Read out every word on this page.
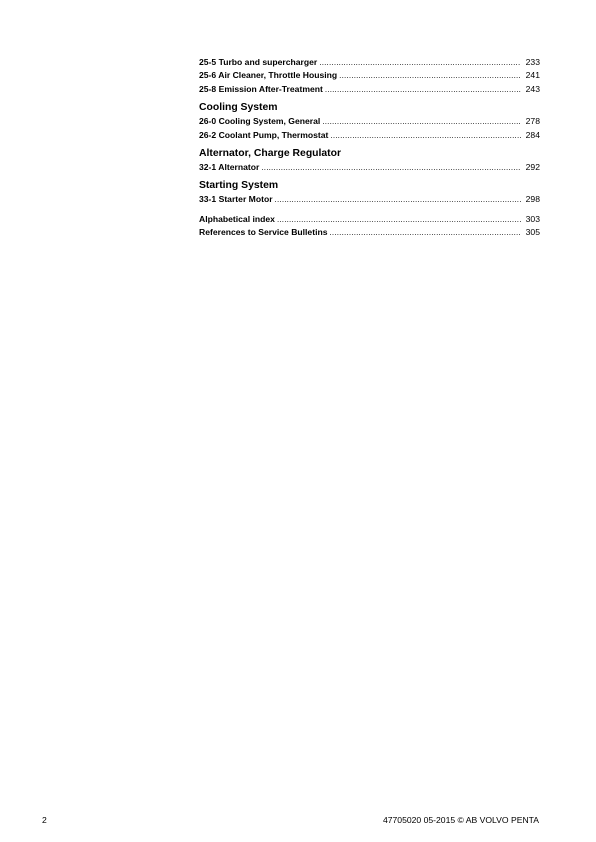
25-5 Turbo and supercharger .....	233
25-6 Air Cleaner, Throttle Housing .....	241
25-8 Emission After-Treatment .....	243
Cooling System
26-0 Cooling System, General .....	278
26-2 Coolant Pump, Thermostat .....	284
Alternator, Charge Regulator
32-1 Alternator .....	292
Starting System
33-1 Starter Motor .....	298
Alphabetical index .....	303
References to Service Bulletins .....	305
2	47705020 05-2015 © AB VOLVO PENTA
